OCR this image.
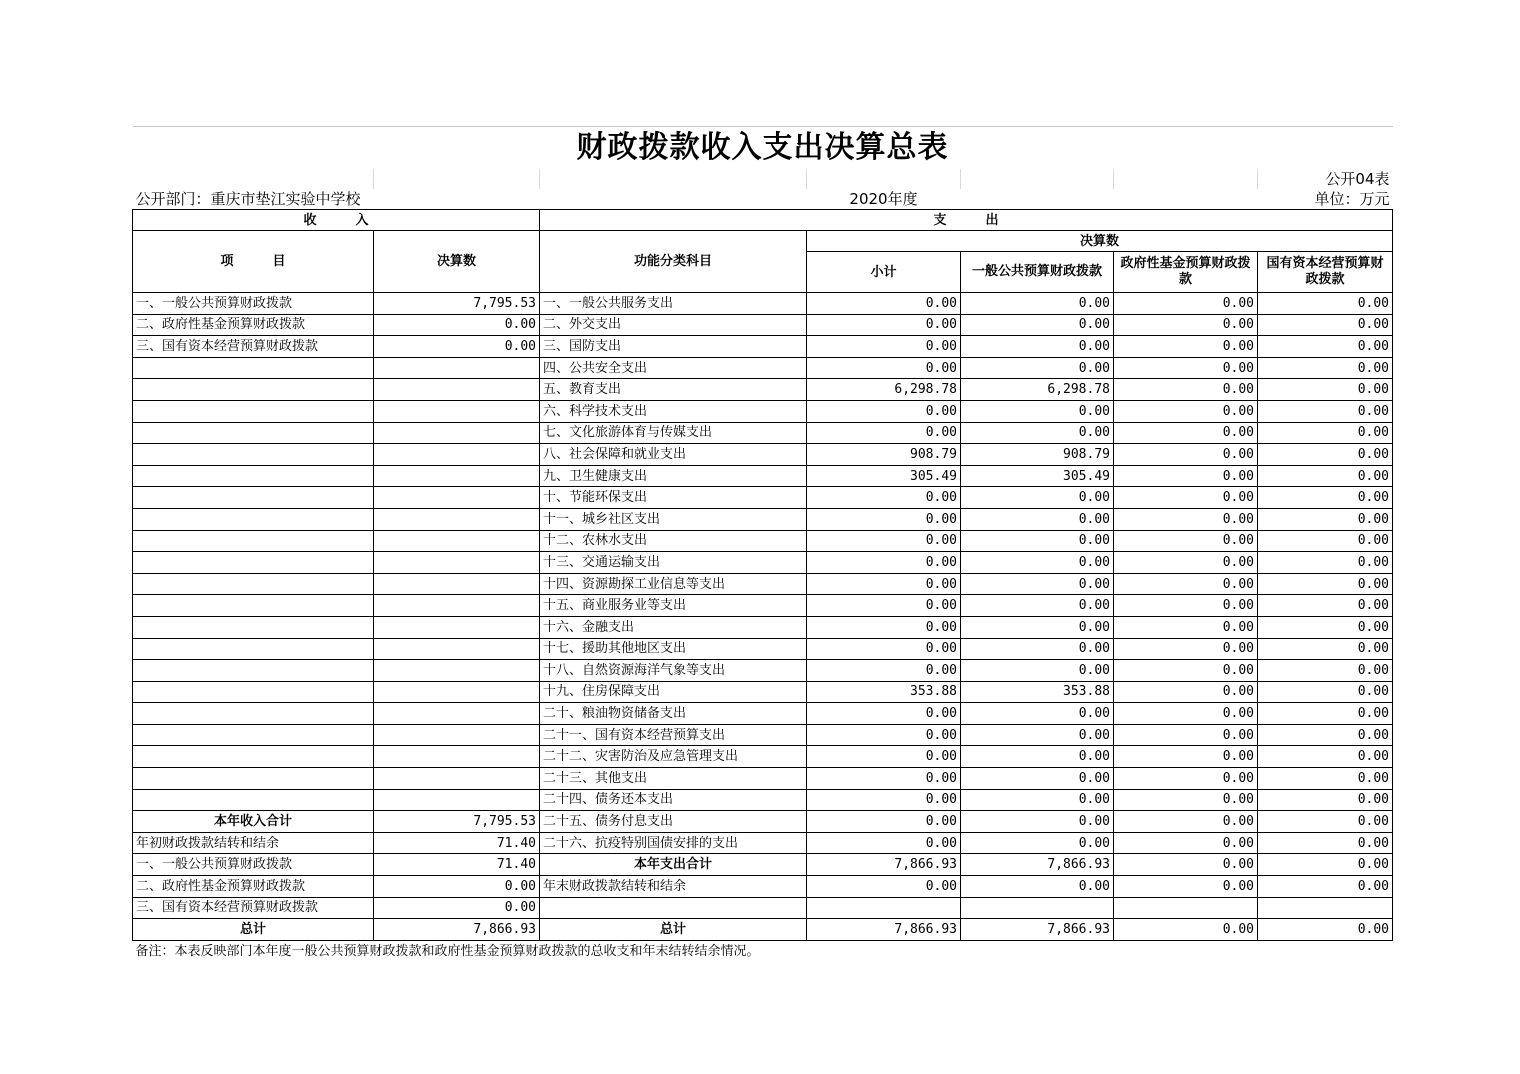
财政拨款收入支出决算总表						
						公开04表
公开部门：重庆市垫江实验中学校			2020年度			单位：万元
收　　　入		支　　　出				
项　　　目	决算数	功能分类科目	决算数			
			小计	一般公共预算财政拨款	政府性基金预算财政拨款	国有资本经营预算财政拨款

一、一般公共预算财政拨款	7,795.53	一、一般公共服务支出	0.00	0.00	0.00	0.00
二、政府性基金预算财政拨款	0.00	二、外交支出	0.00	0.00	0.00	0.00
三、国有资本经营预算财政拨款	0.00	三、国防支出	0.00	0.00	0.00	0.00
		四、公共安全支出	0.00	0.00	0.00	0.00
		五、教育支出	6,298.78	6,298.78	0.00	0.00
		六、科学技术支出	0.00	0.00	0.00	0.00
		七、文化旅游体育与传媒支出	0.00	0.00	0.00	0.00
		八、社会保障和就业支出	908.79	908.79	0.00	0.00
		九、卫生健康支出	305.49	305.49	0.00	0.00
		十、节能环保支出	0.00	0.00	0.00	0.00
		十一、城乡社区支出	0.00	0.00	0.00	0.00
		十二、农林水支出	0.00	0.00	0.00	0.00
		十三、交通运输支出	0.00	0.00	0.00	0.00
		十四、资源勘探工业信息等支出	0.00	0.00	0.00	0.00
		十五、商业服务业等支出	0.00	0.00	0.00	0.00
		十六、金融支出	0.00	0.00	0.00	0.00
		十七、援助其他地区支出	0.00	0.00	0.00	0.00
		十八、自然资源海洋气象等支出	0.00	0.00	0.00	0.00
		十九、住房保障支出	353.88	353.88	0.00	0.00
		二十、粮油物资储备支出	0.00	0.00	0.00	0.00
		二十一、国有资本经营预算支出	0.00	0.00	0.00	0.00
		二十二、灾害防治及应急管理支出	0.00	0.00	0.00	0.00
		二十三、其他支出	0.00	0.00	0.00	0.00
		二十四、债务还本支出	0.00	0.00	0.00	0.00
本年收入合计	7,795.53	二十五、债务付息支出	0.00	0.00	0.00	0.00
年初财政拨款结转和结余	71.40	二十六、抗疫特别国债安排的支出	0.00	0.00	0.00	0.00
一、一般公共预算财政拨款	71.40	本年支出合计	7,866.93	7,866.93	0.00	0.00
二、政府性基金预算财政拨款	0.00	年末财政拨款结转和结余	0.00	0.00	0.00	0.00
三、国有资本经营预算财政拨款	0.00					
总计	7,866.93	总计	7,866.93	7,866.93	0.00	0.00
备注：本表反映部门本年度一般公共预算财政拨款和政府性基金预算财政拨款的总收支和年末结转结余情况。						
